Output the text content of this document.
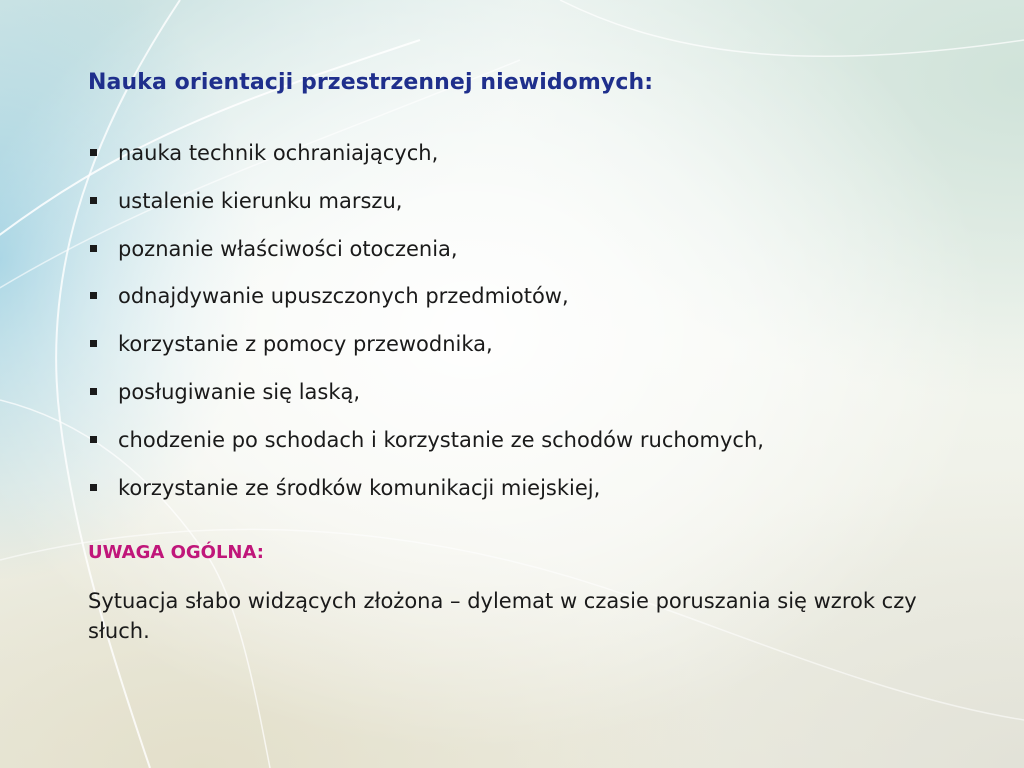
Nauka orientacji przestrzennej niewidomych:
nauka technik ochraniających,
ustalenie kierunku marszu,
poznanie właściwości otoczenia,
odnajdywanie upuszczonych przedmiotów,
korzystanie z pomocy przewodnika,
posługiwanie się laską,
chodzenie po schodach i korzystanie ze schodów ruchomych,
korzystanie ze środków komunikacji miejskiej,
UWAGA OGÓLNA:
Sytuacja słabo widzących złożona – dylemat w czasie poruszania się wzrok czy słuch.
